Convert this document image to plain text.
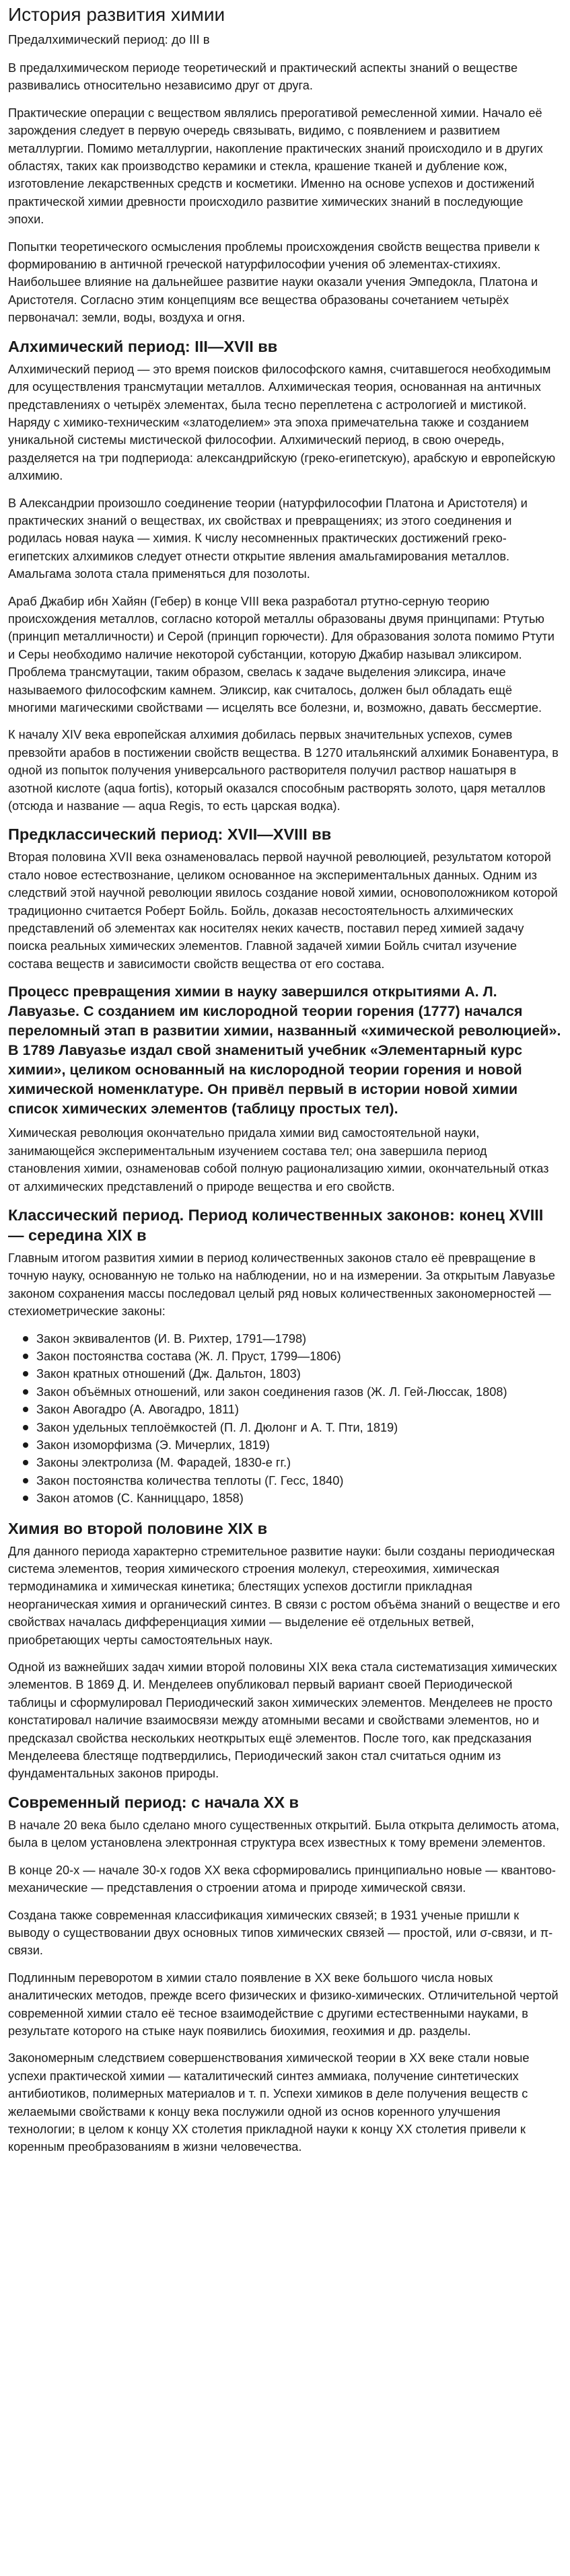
История развития химии
Предалхимический период: до III в

В предалхимическом периоде теоретический и практический аспекты знаний о веществе развивались относительно независимо друг от друга.

Практические операции с веществом являлись прерогативой ремесленной химии. Начало её зарождения следует в первую очередь связывать, видимо, с появлением и развитием металлургии. Помимо металлургии, накопление практических знаний происходило и в других областях, таких как производство керамики и стекла, крашение тканей и дубление кож, изготовление лекарственных средств и косметики. Именно на основе успехов и достижений практической химии древности происходило развитие химических знаний в последующие эпохи.

Попытки теоретического осмысления проблемы происхождения свойств вещества привели к формированию в античной греческой натурфилософии учения об элементах-стихиях. Наибольшее влияние на дальнейшее развитие науки оказали учения Эмпедокла, Платона и Аристотеля. Согласно этим концепциям все вещества образованы сочетанием четырёх первоначал: земли, воды, воздуха и огня.

Алхимический период: III—XVII вв

Алхимический период — это время поисков философского камня, считавшегося необходимым для осуществления трансмутации металлов. Алхимическая теория, основанная на античных представлениях о четырёх элементах, была тесно переплетена с астрологией и мистикой. Наряду с химико-техническим «златоделием» эта эпоха примечательна также и созданием уникальной системы мистической философии. Алхимический период, в свою очередь, разделяется на три подпериода: александрийскую (греко-египетскую), арабскую и европейскую алхимию.

В Александрии произошло соединение теории (натурфилософии Платона и Аристотеля) и практических знаний о веществах, их свойствах и превращениях; из этого соединения и родилась новая наука — химия. К числу несомненных практических достижений греко-египетских алхимиков следует отнести открытие явления амальгамирования металлов. Амальгама золота стала применяться для позолоты.

Араб Джабир ибн Хайян (Гебер) в конце VIII века разработал ртутно-серную теорию происхождения металлов, согласно которой металлы образованы двумя принципами: Ртутью (принцип металличности) и Серой (принцип горючести). Для образования золота помимо Ртути и Серы необходимо наличие некоторой субстанции, которую Джабир называл эликсиром. Проблема трансмутации, таким образом, свелась к задаче выделения эликсира, иначе называемого философским камнем. Эликсир, как считалось, должен был обладать ещё многими магическими свойствами — исцелять все болезни, и, возможно, давать бессмертие.

К началу XIV века европейская алхимия добилась первых значительных успехов, сумев превзойти арабов в постижении свойств вещества. В 1270 итальянский алхимик Бонавентура, в одной из попыток получения универсального растворителя получил раствор нашатыря в азотной кислоте (aqua fortis), который оказался способным растворять золото, царя металлов (отсюда и название — aqua Regis, то есть царская водка).

Предклассический период: XVII—XVIII вв

Вторая половина XVII века ознаменовалась первой научной революцией, результатом которой стало новое естествознание, целиком основанное на экспериментальных данных. Одним из следствий этой научной революции явилось создание новой химии, основоположником которой традиционно считается Роберт Бойль. Бойль, доказав несостоятельность алхимических представлений об элементах как носителях неких качеств, поставил перед химией задачу поиска реальных химических элементов. Главной задачей химии Бойль считал изучение состава веществ и зависимости свойств вещества от его состава.

Процесс превращения химии в науку завершился открытиями А. Л. Лавуазье. С созданием им кислородной теории горения (1777) начался переломный этап в развитии химии, названный «химической революцией». В 1789 Лавуазье издал свой знаменитый учебник «Элементарный курс химии», целиком основанный на кислородной теории горения и новой химической номенклатуре. Он привёл первый в истории новой химии список химических элементов (таблицу простых тел).

Химическая революция окончательно придала химии вид самостоятельной науки, занимающейся экспериментальным изучением состава тел; она завершила период становления химии, ознаменовав собой полную рационализацию химии, окончательный отказ от алхимических представлений о природе вещества и его свойств.

Классический период. Период количественных законов: конец XVIII — середина XIX в

Главным итогом развития химии в период количественных законов стало её превращение в точную науку, основанную не только на наблюдении, но и на измерении. За открытым Лавуазье законом сохранения массы последовал целый ряд новых количественных закономерностей — стехиометрические законы:

Закон эквивалентов (И. В. Рихтер, 1791—1798)
Закон постоянства состава (Ж. Л. Пруст, 1799—1806)
Закон кратных отношений (Дж. Дальтон, 1803)
Закон объёмных отношений, или закон соединения газов (Ж. Л. Гей-Люссак, 1808)
Закон Авогадро (А. Авогадро, 1811)
Закон удельных теплоёмкостей (П. Л. Дюлонг и А. Т. Пти, 1819)
Закон изоморфизма (Э. Мичерлих, 1819)
Законы электролиза (М. Фарадей, 1830-е гг.)
Закон постоянства количества теплоты (Г. Гесс, 1840)
Закон атомов (С. Канниццаро, 1858)
Химия во второй половине XIX в

Для данного периода характерно стремительное развитие науки: были созданы периодическая система элементов, теория химического строения молекул, стереохимия, химическая термодинамика и химическая кинетика; блестящих успехов достигли прикладная неорганическая химия и органический синтез. В связи с ростом объёма знаний о веществе и его свойствах началась дифференциация химии — выделение её отдельных ветвей, приобретающих черты самостоятельных наук.

Одной из важнейших задач химии второй половины XIX века стала систематизация химических элементов. В 1869 Д. И. Менделеев опубликовал первый вариант своей Периодической таблицы и сформулировал Периодический закон химических элементов. Менделеев не просто констатировал наличие взаимосвязи между атомными весами и свойствами элементов, но и предсказал свойства нескольких неоткрытых ещё элементов. После того, как предсказания Менделеева блестяще подтвердились, Периодический закон стал считаться одним из фундаментальных законов природы.

Современный период: с начала XX в

В начале 20 века было сделано много существенных открытий. Была открыта делимость атома, была в целом установлена электронная структура всех известных к тому времени элементов.

В конце 20-х — начале 30-х годов XX века сформировались принципиально новые — квантово-механические — представления о строении атома и природе химической связи.

Создана также современная классификация химических связей; в 1931 ученые пришли к выводу о существовании двух основных типов химических связей — простой, или σ-связи, и π-связи.

Подлинным переворотом в химии стало появление в XX веке большого числа новых аналитических методов, прежде всего физических и физико-химических. Отличительной чертой современной химии стало её тесное взаимодействие с другими естественными науками, в результате которого на стыке наук появились биохимия, геохимия и др. разделы.

Закономерным следствием совершенствования химической теории в XX веке стали новые успехи практической химии — каталитический синтез аммиака, получение синтетических антибиотиков, полимерных материалов и т. п. Успехи химиков в деле получения веществ с желаемыми свойствами к концу века послужили одной из основ коренного улучшения технологии; в целом к концу XX столетия прикладной науки к концу XX столетия привели к коренным преобразованиям в жизни человечества.
